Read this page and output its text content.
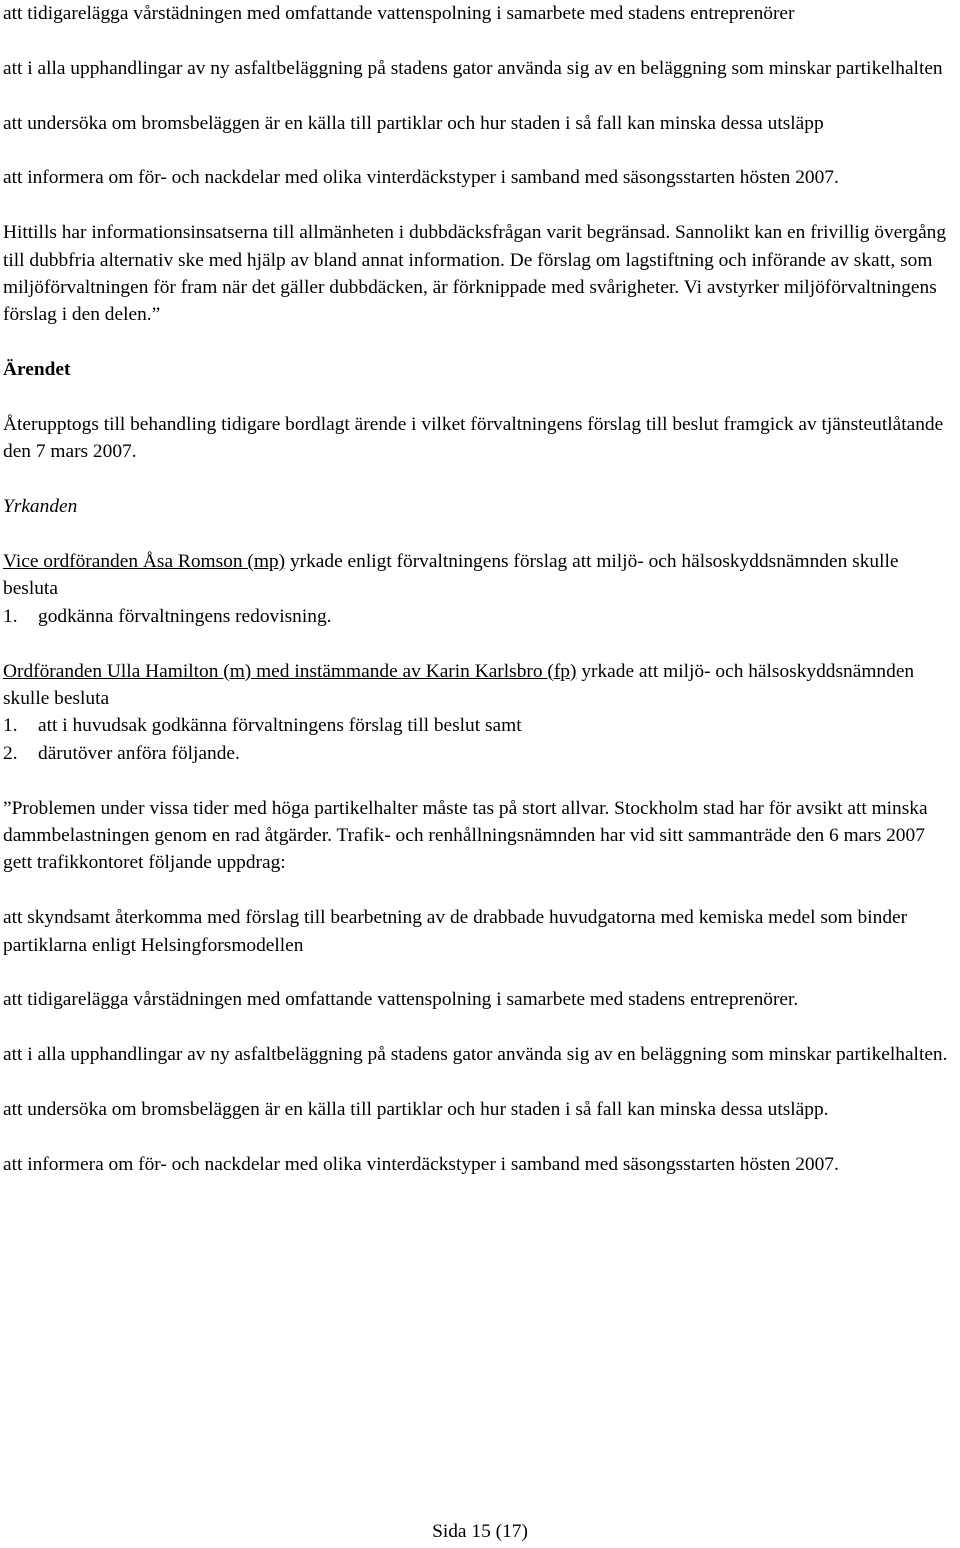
att tidigarelägga vårstädningen med omfattande vattenspolning i samarbete med stadens entreprenörer

att i alla upphandlingar av ny asfaltbeläggning på stadens gator använda sig av en beläggning som minskar partikelhalten

att undersöka om bromsbeläggen är en källa till partiklar och hur staden i så fall kan minska dessa utsläpp

att informera om för- och nackdelar med olika vinterdäckstyper i samband med säsongsstarten hösten 2007.

Hittills har informationsinsatserna till allmänheten i dubbdäcksfrågan varit begränsad. Sannolikt kan en frivillig övergång till dubbfria alternativ ske med hjälp av bland annat information. De förslag om lagstiftning och införande av skatt, som miljöförvaltningen för fram när det gäller dubbdäcken, är förknippade med svårigheter. Vi avstyrker miljöförvaltningens förslag i den delen.”

Ärendet

Återupptogs till behandling tidigare bordlagt ärende i vilket förvaltningens förslag till beslut framgick av tjänsteutlåtande den 7 mars 2007.

Yrkanden

Vice ordföranden Åsa Romson (mp) yrkade enligt förvaltningens förslag att miljö- och hälsoskyddsnämnden skulle besluta

1.	godkänna förvaltningens redovisning.

Ordföranden Ulla Hamilton (m) med instämmande av Karin Karlsbro (fp) yrkade att miljö- och hälsoskyddsnämnden skulle besluta

1.	att i huvudsak godkänna förvaltningens förslag till beslut samt
2.	därutöver anföra följande.

”Problemen under vissa tider med höga partikelhalter måste tas på stort allvar. Stockholm stad har för avsikt att minska dammbelastningen genom en rad åtgärder. Trafik- och renhållningsnämnden har vid sitt sammanträde den 6 mars 2007 gett trafikkontoret följande uppdrag:

att skyndsamt återkomma med förslag till bearbetning av de drabbade huvudgatorna med kemiska medel som binder partiklarna enligt Helsingforsmodellen

att tidigarelägga vårstädningen med omfattande vattenspolning i samarbete med stadens entreprenörer.

att i alla upphandlingar av ny asfaltbeläggning på stadens gator använda sig av en beläggning som minskar partikelhalten.

att undersöka om bromsbeläggen är en källa till partiklar och hur staden i så fall kan minska dessa utsläpp.

att informera om för- och nackdelar med olika vinterdäckstyper i samband med säsongsstarten hösten 2007.

Sida 15 (17)
